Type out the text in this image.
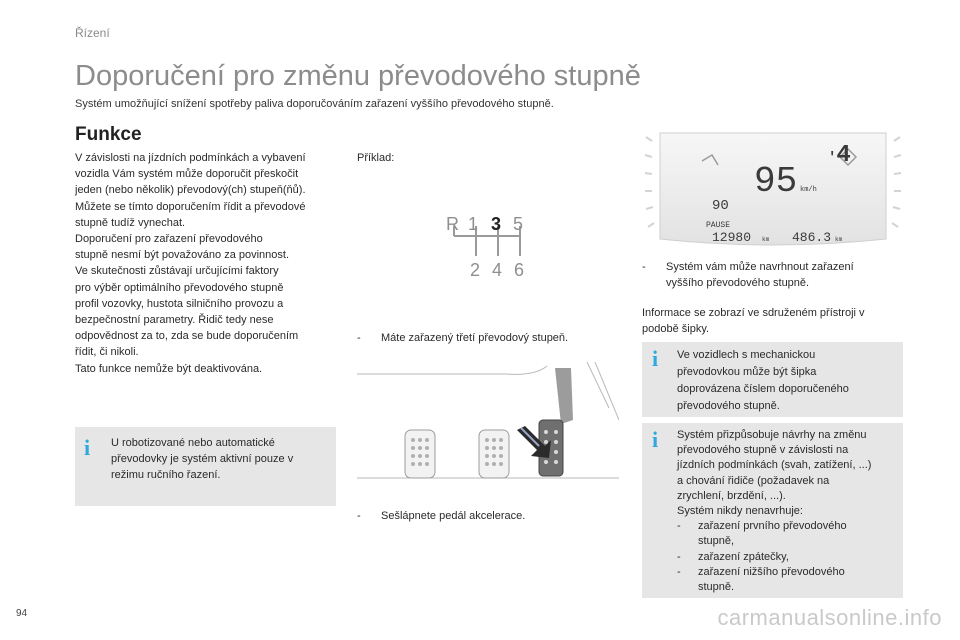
Řízení
Doporučení pro změnu převodového stupně
Systém umožňující snížení spotřeby paliva doporučováním zařazení vyššího převodového stupně.
Funkce

V závislosti na jízdních podmínkách a vybavení
vozidla Vám systém může doporučit přeskočit
jeden (nebo několik) převodový(ch) stupeň(ňů).
Můžete se tímto doporučením řídit a převodové
stupně tudíž vynechat.

Doporučení pro zařazení převodového
stupně nesmí být považováno za povinnost.
Ve skutečnosti zůstávají určujícími faktory
pro výběr optimálního převodového stupně
profil vozovky, hustota silničního provozu a
bezpečnostní parametry. Řidič tedy nese
odpovědnost za to, zda se bude doporučením
řídit, či nikoli.

Tato funkce nemůže být deaktivována.

i U robotizované nebo automatické
převodovky je systém aktivní pouze v
režimu ručního řazení.
Příklad:
R 1 3 5
2 4 6
-	Máte zařazený třetí převodový stupeň.
-	Sešlápnete pedál akcelerace.
'4
95 km/h
90
PAUSE
12980 km 486.3 km
-	Systém vám může navrhnout zařazení
vyššího převodového stupně.
Informace se zobrazí ve sdruženém přístroji v
podobě šipky.
i Ve vozidlech s mechanickou
převodovkou může být šipka
doprovázena číslem doporučeného
převodového stupně.
i Systém přizpůsobuje návrhy na změnu
převodového stupně v závislosti na
jízdních podmínkách (svah, zatížení, ...)
a chování řidiče (požadavek na
zrychlení, brzdění, ...).
Systém nikdy nenavrhuje:
-	zařazení prvního převodového
stupně,
-	zařazení zpátečky,
-	zařazení nižšího převodového
stupně.
94	carmanualsonline.info
